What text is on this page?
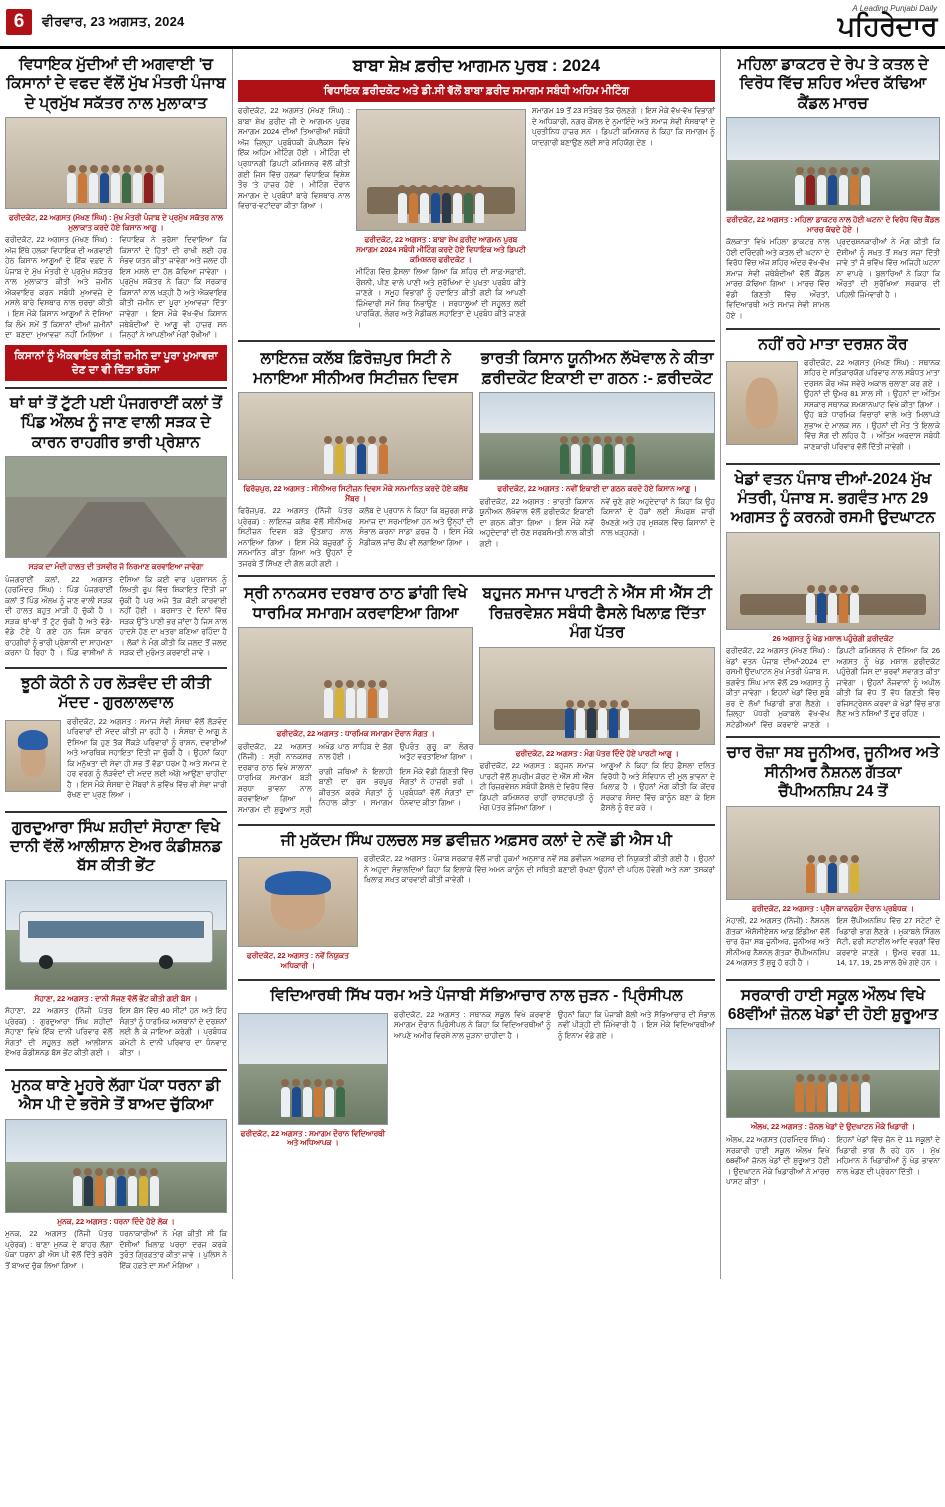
6	ਵੀਰਵਾਰ, 23 ਅਗਸਤ, 2024
A Leading Punjabi Daily
ਪਹਿਰੇਦਾਰ
ਵਿਧਾਇਕ ਮੁੱਦੀਆਂ ਦੀ ਅਗਵਾਈ 'ਚ ਕਿਸਾਨਾਂ ਦੇ ਵਫਦ ਵੱਲੋਂ ਮੁੱਖ ਮੰਤਰੀ ਪੰਜਾਬ ਦੇ ਪ੍ਰਮੁੱਖ ਸਕੱਤਰ ਨਾਲ ਮੁਲਾਕਾਤ
ਫਰੀਦਕੋਟ, 22 ਅਗਸਤ (ਮੱਖਣ ਸਿੰਘ) : ਮੁੱਖ ਮੰਤਰੀ ਪੰਜਾਬ ਦੇ ਪ੍ਰਮੁੱਖ ਸਕੱਤਰ ਨਾਲ ਮੁਲਾਕਾਤ ਕਰਦੇ ਹੋਏ ਕਿਸਾਨ ਆਗੂ ।

ਫਰੀਦਕੋਟ, 22 ਅਗਸਤ (ਮੱਖਣ ਸਿੰਘ) : ਅੱਜ ਇੱਥੇ ਹਲਕਾ ਵਿਧਾਇਕ ਦੀ ਅਗਵਾਈ ਹੇਠ ਕਿਸਾਨ ਆਗੂਆਂ ਦੇ ਇੱਕ ਵਫ਼ਦ ਨੇ ਪੰਜਾਬ ਦੇ ਮੁੱਖ ਮੰਤਰੀ ਦੇ ਪ੍ਰਮੁੱਖ ਸਕੱਤਰ ਨਾਲ ਮੁਲਾਕਾਤ ਕੀਤੀ ਅਤੇ ਜ਼ਮੀਨ ਐਕਵਾਇਰ ਕਰਨ ਸਬੰਧੀ ਮੁਆਵਜ਼ੇ ਦੇ ਮਸਲੇ ਬਾਰੇ ਵਿਸਥਾਰ ਨਾਲ ਚਰਚਾ ਕੀਤੀ । ਇਸ ਮੌਕੇ ਕਿਸਾਨ ਆਗੂਆਂ ਨੇ ਦੱਸਿਆ ਕਿ ਲੰਮੇ ਸਮੇਂ ਤੋਂ ਕਿਸਾਨਾਂ ਦੀਆਂ ਜ਼ਮੀਨਾਂ ਦਾ ਬਣਦਾ ਮੁਆਵਜ਼ਾ ਨਹੀਂ ਮਿਲਿਆ । ਵਿਧਾਇਕ ਨੇ ਭਰੋਸਾ ਦਿਵਾਇਆ ਕਿ ਕਿਸਾਨਾਂ ਦੇ ਹਿੱਤਾਂ ਦੀ ਰਾਖੀ ਲਈ ਹਰ ਸੰਭਵ ਯਤਨ ਕੀਤਾ ਜਾਵੇਗਾ ਅਤੇ ਜਲਦ ਹੀ ਇਸ ਮਸਲੇ ਦਾ ਹੱਲ ਕੱਢਿਆ ਜਾਵੇਗਾ । ਪ੍ਰਮੁੱਖ ਸਕੱਤਰ ਨੇ ਕਿਹਾ ਕਿ ਸਰਕਾਰ ਕਿਸਾਨਾਂ ਨਾਲ ਖੜ੍ਹੀ ਹੈ ਅਤੇ ਐਕਵਾਇਰ ਕੀਤੀ ਜ਼ਮੀਨ ਦਾ ਪੂਰਾ ਮੁਆਵਜ਼ਾ ਦਿੱਤਾ ਜਾਵੇਗਾ । ਇਸ ਮੌਕੇ ਵੱਖ-ਵੱਖ ਕਿਸਾਨ ਜਥੇਬੰਦੀਆਂ ਦੇ ਆਗੂ ਵੀ ਹਾਜ਼ਰ ਸਨ ਜਿਨ੍ਹਾਂ ਨੇ ਆਪਣੀਆਂ ਮੰਗਾਂ ਰੱਖੀਆਂ ।

ਕਿਸਾਨਾਂ ਨੂੰ ਐਕਵਾਇਰ ਕੀਤੀ ਜ਼ਮੀਨ ਦਾ ਪੂਰਾ ਮੁਆਵਜ਼ਾ ਦੇਣ ਦਾ ਵੀ ਦਿੱਤਾ ਭਰੋਸਾ
ਥਾਂ ਥਾਂ ਤੋਂ ਟੁੱਟੀ ਪਈ ਪੰਜਗਰਾਈਂ ਕਲਾਂ ਤੋਂ ਪਿੰਡ ਔਲਖ ਨੂੰ ਜਾਣ ਵਾਲੀ ਸੜਕ ਦੇ ਕਾਰਨ ਰਾਹਗੀਰ ਭਾਰੀ ਪ੍ਰੇਸ਼ਾਨ
ਸੜਕ ਦਾ ਮੰਦੀ ਹਾਲਤ ਦੀ ਤਸਵੀਰ ਜੋ ਨਿਰਮਾਣ ਕਰਵਾਇਆ ਜਾਵੇਗਾ

ਪੰਜਗਰਾਈਂ ਕਲਾਂ, 22 ਅਗਸਤ (ਹਰਮਿੰਦਰ ਸਿੰਘ) : ਪਿੰਡ ਪੰਜਗਰਾਈਂ ਕਲਾਂ ਤੋਂ ਪਿੰਡ ਔਲਖ ਨੂੰ ਜਾਣ ਵਾਲੀ ਸੜਕ ਦੀ ਹਾਲਤ ਬਹੁਤ ਮਾੜੀ ਹੋ ਚੁੱਕੀ ਹੈ । ਸੜਕ ਥਾਂ-ਥਾਂ ਤੋਂ ਟੁੱਟ ਚੁੱਕੀ ਹੈ ਅਤੇ ਵੱਡੇ-ਵੱਡੇ ਟੋਏ ਪੈ ਗਏ ਹਨ ਜਿਸ ਕਾਰਨ ਰਾਹਗੀਰਾਂ ਨੂੰ ਭਾਰੀ ਪ੍ਰੇਸ਼ਾਨੀ ਦਾ ਸਾਹਮਣਾ ਕਰਨਾ ਪੈ ਰਿਹਾ ਹੈ । ਪਿੰਡ ਵਾਸੀਆਂ ਨੇ ਦੱਸਿਆ ਕਿ ਕਈ ਵਾਰ ਪ੍ਰਸ਼ਾਸਨ ਨੂੰ ਲਿਖਤੀ ਰੂਪ ਵਿੱਚ ਸ਼ਿਕਾਇਤ ਦਿੱਤੀ ਜਾ ਚੁੱਕੀ ਹੈ ਪਰ ਅਜੇ ਤੱਕ ਕੋਈ ਕਾਰਵਾਈ ਨਹੀਂ ਹੋਈ । ਬਰਸਾਤ ਦੇ ਦਿਨਾਂ ਵਿੱਚ ਸੜਕ ਉੱਤੇ ਪਾਣੀ ਭਰ ਜਾਂਦਾ ਹੈ ਜਿਸ ਨਾਲ ਹਾਦਸੇ ਹੋਣ ਦਾ ਖ਼ਤਰਾ ਬਣਿਆ ਰਹਿੰਦਾ ਹੈ । ਲੋਕਾਂ ਨੇ ਮੰਗ ਕੀਤੀ ਕਿ ਜਲਦ ਤੋਂ ਜਲਦ ਸੜਕ ਦੀ ਮੁਰੰਮਤ ਕਰਵਾਈ ਜਾਵੇ ।

ਝੂਠੀ ਕੋਠੀ ਨੇ ਹਰ ਲੋੜਵੰਦ ਦੀ ਕੀਤੀ ਮੱਦਦ - ਗੁਰਲਾਲਵਾਲ

ਫਰੀਦਕੋਟ, 22 ਅਗਸਤ : ਸਮਾਜ ਸੇਵੀ ਸੰਸਥਾ ਵੱਲੋਂ ਲੋੜਵੰਦ ਪਰਿਵਾਰਾਂ ਦੀ ਮੱਦਦ ਕੀਤੀ ਜਾ ਰਹੀ ਹੈ । ਸੰਸਥਾ ਦੇ ਆਗੂ ਨੇ ਦੱਸਿਆ ਕਿ ਹੁਣ ਤੱਕ ਸੈਂਕੜੇ ਪਰਿਵਾਰਾਂ ਨੂੰ ਰਾਸ਼ਨ, ਦਵਾਈਆਂ ਅਤੇ ਆਰਥਿਕ ਸਹਾਇਤਾ ਦਿੱਤੀ ਜਾ ਚੁੱਕੀ ਹੈ । ਉਹਨਾਂ ਕਿਹਾ ਕਿ ਮਨੁੱਖਤਾ ਦੀ ਸੇਵਾ ਹੀ ਸਭ ਤੋਂ ਵੱਡਾ ਧਰਮ ਹੈ ਅਤੇ ਸਮਾਜ ਦੇ ਹਰ ਵਰਗ ਨੂੰ ਲੋੜਵੰਦਾਂ ਦੀ ਮਦਦ ਲਈ ਅੱਗੇ ਆਉਣਾ ਚਾਹੀਦਾ ਹੈ । ਇਸ ਮੌਕੇ ਸੰਸਥਾ ਦੇ ਮੈਂਬਰਾਂ ਨੇ ਭਵਿੱਖ ਵਿੱਚ ਵੀ ਸੇਵਾ ਜਾਰੀ ਰੱਖਣ ਦਾ ਪ੍ਰਣ ਲਿਆ ।

ਗੁਰਦੁਆਰਾ ਸਿੰਘ ਸ਼ਹੀਦਾਂ ਸੋਹਾਣਾ ਵਿਖੇ ਦਾਨੀ ਵੱਲੋਂ ਆਲੀਸ਼ਾਨ ਏਅਰ ਕੰਡੀਸ਼ਨਡ ਬੱਸ ਕੀਤੀ ਭੇਂਟ
ਸੋਹਾਣਾ, 22 ਅਗਸਤ : ਦਾਨੀ ਸੱਜਣ ਵੱਲੋਂ ਭੇਂਟ ਕੀਤੀ ਗਈ ਬੱਸ ।

ਸੋਹਾਣਾ, 22 ਅਗਸਤ (ਨਿੱਜੀ ਪੱਤਰ ਪ੍ਰੇਰਕ) : ਗੁਰਦੁਆਰਾ ਸਿੰਘ ਸ਼ਹੀਦਾਂ ਸੋਹਾਣਾ ਵਿਖੇ ਇੱਕ ਦਾਨੀ ਪਰਿਵਾਰ ਵੱਲੋਂ ਸੰਗਤਾਂ ਦੀ ਸਹੂਲਤ ਲਈ ਆਲੀਸ਼ਾਨ ਏਅਰ ਕੰਡੀਸ਼ਨਡ ਬੱਸ ਭੇਂਟ ਕੀਤੀ ਗਈ ।

ਇਸ ਬੱਸ ਵਿੱਚ 40 ਸੀਟਾਂ ਹਨ ਅਤੇ ਇਹ ਸੰਗਤਾਂ ਨੂੰ ਧਾਰਮਿਕ ਅਸਥਾਨਾਂ ਦੇ ਦਰਸ਼ਨਾਂ ਲਈ ਲੈ ਕੇ ਜਾਇਆ ਕਰੇਗੀ । ਪ੍ਰਬੰਧਕ ਕਮੇਟੀ ਨੇ ਦਾਨੀ ਪਰਿਵਾਰ ਦਾ ਧੰਨਵਾਦ ਕੀਤਾ ।

ਮੁਨਕ ਥਾਣੇ ਮੂਹਰੇ ਲੱਗਾ ਪੱਕਾ ਧਰਨਾ ਡੀ ਐਸ ਪੀ ਦੇ ਭਰੋਸੇ ਤੋਂ ਬਾਅਦ ਚੁੱਕਿਆ
ਮੁਨਕ, 22 ਅਗਸਤ : ਧਰਨਾ ਦਿੰਦੇ ਹੋਏ ਲੋਕ ।

ਮੁਨਕ, 22 ਅਗਸਤ (ਨਿੱਜੀ ਪੱਤਰ ਪ੍ਰੇਰਕ) : ਥਾਣਾ ਮੁਨਕ ਦੇ ਬਾਹਰ ਲੱਗਾ ਪੱਕਾ ਧਰਨਾ ਡੀ ਐਸ ਪੀ ਵੱਲੋਂ ਦਿੱਤੇ ਭਰੋਸੇ ਤੋਂ ਬਾਅਦ ਚੁੱਕ ਲਿਆ ਗਿਆ ।

ਧਰਨਾਕਾਰੀਆਂ ਨੇ ਮੰਗ ਕੀਤੀ ਸੀ ਕਿ ਦੋਸ਼ੀਆਂ ਖ਼ਿਲਾਫ਼ ਪਰਚਾ ਦਰਜ ਕਰਕੇ ਤੁਰੰਤ ਗ੍ਰਿਫ਼ਤਾਰ ਕੀਤਾ ਜਾਵੇ । ਪੁਲਿਸ ਨੇ ਇੱਕ ਹਫ਼ਤੇ ਦਾ ਸਮਾਂ ਮੰਗਿਆ ।

ਬਾਬਾ ਸ਼ੇਖ਼ ਫ਼ਰੀਦ ਆਗਮਨ ਪੁਰਬ : 2024
ਵਿਧਾਇਕ ਫ਼ਰੀਦਕੋਟ ਅਤੇ ਡੀ.ਸੀ ਵੱਲੋਂ ਬਾਬਾ ਫ਼ਰੀਦ ਸਮਾਗਮ ਸਬੰਧੀ ਅਹਿਮ ਮੀਟਿੰਗ

ਫਰੀਦਕੋਟ, 22 ਅਗਸਤ (ਮੱਖਣ ਸਿੰਘ) : ਬਾਬਾ ਸ਼ੇਖ਼ ਫ਼ਰੀਦ ਜੀ ਦੇ ਆਗਮਨ ਪੁਰਬ ਸਮਾਗਮ 2024 ਦੀਆਂ ਤਿਆਰੀਆਂ ਸਬੰਧੀ ਅੱਜ ਜ਼ਿਲ੍ਹਾ ਪ੍ਰਬੰਧਕੀ ਕੰਪਲੈਕਸ ਵਿਖੇ ਇੱਕ ਅਹਿਮ ਮੀਟਿੰਗ ਹੋਈ । ਮੀਟਿੰਗ ਦੀ ਪ੍ਰਧਾਨਗੀ ਡਿਪਟੀ ਕਮਿਸ਼ਨਰ ਵੱਲੋਂ ਕੀਤੀ ਗਈ ਜਿਸ ਵਿੱਚ ਹਲਕਾ ਵਿਧਾਇਕ ਵਿਸ਼ੇਸ਼ ਤੌਰ 'ਤੇ ਹਾਜ਼ਰ ਹੋਏ । ਮੀਟਿੰਗ ਦੌਰਾਨ ਸਮਾਗਮ ਦੇ ਪ੍ਰਬੰਧਾਂ ਬਾਰੇ ਵਿਸਥਾਰ ਨਾਲ ਵਿਚਾਰ-ਵਟਾਂਦਰਾ ਕੀਤਾ ਗਿਆ ।

ਫਰੀਦਕੋਟ, 22 ਅਗਸਤ : ਬਾਬਾ ਸ਼ੇਖ ਫ਼ਰੀਦ ਆਗਮਨ ਪੁਰਬ ਸਮਾਗਮ 2024 ਸਬੰਧੀ ਮੀਟਿੰਗ ਕਰਦੇ ਹੋਏ ਵਿਧਾਇਕ ਅਤੇ ਡਿਪਟੀ ਕਮਿਸ਼ਨਰ ਫਰੀਦਕੋਟ ।

ਮੀਟਿੰਗ ਵਿੱਚ ਫ਼ੈਸਲਾ ਲਿਆ ਗਿਆ ਕਿ ਸ਼ਹਿਰ ਦੀ ਸਾਫ਼-ਸਫ਼ਾਈ, ਰੌਸ਼ਨੀ, ਪੀਣ ਵਾਲੇ ਪਾਣੀ ਅਤੇ ਸੁਰੱਖਿਆ ਦੇ ਪੁਖ਼ਤਾ ਪ੍ਰਬੰਧ ਕੀਤੇ ਜਾਣਗੇ । ਸਮੂਹ ਵਿਭਾਗਾਂ ਨੂੰ ਹਦਾਇਤ ਕੀਤੀ ਗਈ ਕਿ ਆਪਣੀ ਜ਼ਿੰਮੇਵਾਰੀ ਸਮੇਂ ਸਿਰ ਨਿਭਾਉਣ । ਸ਼ਰਧਾਲੂਆਂ ਦੀ ਸਹੂਲਤ ਲਈ ਪਾਰਕਿੰਗ, ਲੰਗਰ ਅਤੇ ਮੈਡੀਕਲ ਸਹਾਇਤਾ ਦੇ ਪ੍ਰਬੰਧ ਕੀਤੇ ਜਾਣਗੇ ।

ਸਮਾਗਮ 19 ਤੋਂ 23 ਸਤੰਬਰ ਤੱਕ ਚੱਲਣਗੇ । ਇਸ ਮੌਕੇ ਵੱਖ-ਵੱਖ ਵਿਭਾਗਾਂ ਦੇ ਅਧਿਕਾਰੀ, ਨਗਰ ਕੌਂਸਲ ਦੇ ਨੁਮਾਇੰਦੇ ਅਤੇ ਸਮਾਜ ਸੇਵੀ ਸੰਸਥਾਵਾਂ ਦੇ ਪ੍ਰਤੀਨਿਧ ਹਾਜ਼ਰ ਸਨ । ਡਿਪਟੀ ਕਮਿਸ਼ਨਰ ਨੇ ਕਿਹਾ ਕਿ ਸਮਾਗਮ ਨੂੰ ਯਾਦਗਾਰੀ ਬਣਾਉਣ ਲਈ ਸਾਰੇ ਸਹਿਯੋਗ ਦੇਣ ।

ਲਾਇਨਜ਼ ਕਲੱਬ ਫ਼ਿਰੋਜ਼ਪੁਰ ਸਿਟੀ ਨੇ ਮਨਾਇਆ ਸੀਨੀਅਰ ਸਿਟੀਜ਼ਨ ਦਿਵਸ
ਫਿਰੋਜ਼ਪੁਰ, 22 ਅਗਸਤ : ਸੀਨੀਅਰ ਸਿਟੀਜ਼ਨ ਦਿਵਸ ਮੌਕੇ ਸਨਮਾਨਿਤ ਕਰਦੇ ਹੋਏ ਕਲੱਬ ਮੈਂਬਰ ।

ਫਿਰੋਜ਼ਪੁਰ, 22 ਅਗਸਤ (ਨਿੱਜੀ ਪੱਤਰ ਪ੍ਰੇਰਕ) : ਲਾਇਨਜ਼ ਕਲੱਬ ਵੱਲੋਂ ਸੀਨੀਅਰ ਸਿਟੀਜ਼ਨ ਦਿਵਸ ਬੜੇ ਉਤਸ਼ਾਹ ਨਾਲ ਮਨਾਇਆ ਗਿਆ । ਇਸ ਮੌਕੇ ਬਜ਼ੁਰਗਾਂ ਨੂੰ ਸਨਮਾਨਿਤ ਕੀਤਾ ਗਿਆ ਅਤੇ ਉਹਨਾਂ ਦੇ ਤਜਰਬੇ ਤੋਂ ਸਿੱਖਣ ਦੀ ਗੱਲ ਕਹੀ ਗਈ ।

ਕਲੱਬ ਦੇ ਪ੍ਰਧਾਨ ਨੇ ਕਿਹਾ ਕਿ ਬਜ਼ੁਰਗ ਸਾਡੇ ਸਮਾਜ ਦਾ ਸਰਮਾਇਆ ਹਨ ਅਤੇ ਉਨ੍ਹਾਂ ਦੀ ਸੰਭਾਲ ਕਰਨਾ ਸਾਡਾ ਫ਼ਰਜ਼ ਹੈ । ਇਸ ਮੌਕੇ ਮੈਡੀਕਲ ਜਾਂਚ ਕੈਂਪ ਵੀ ਲਗਾਇਆ ਗਿਆ ।

ਭਾਰਤੀ ਕਿਸਾਨ ਯੂਨੀਅਨ ਲੱਖੋਵਾਲ ਨੇ ਕੀਤਾ ਫ਼ਰੀਦਕੋਟ ਇਕਾਈ ਦਾ ਗਠਨ :- ਫ਼ਰੀਦਕੋਟ
ਫਰੀਦਕੋਟ, 22 ਅਗਸਤ : ਨਵੀਂ ਇਕਾਈ ਦਾ ਗਠਨ ਕਰਦੇ ਹੋਏ ਕਿਸਾਨ ਆਗੂ ।

ਫਰੀਦਕੋਟ, 22 ਅਗਸਤ : ਭਾਰਤੀ ਕਿਸਾਨ ਯੂਨੀਅਨ ਲੱਖੋਵਾਲ ਵੱਲੋਂ ਫ਼ਰੀਦਕੋਟ ਇਕਾਈ ਦਾ ਗਠਨ ਕੀਤਾ ਗਿਆ । ਇਸ ਮੌਕੇ ਨਵੇਂ ਅਹੁਦੇਦਾਰਾਂ ਦੀ ਚੋਣ ਸਰਬਸੰਮਤੀ ਨਾਲ ਕੀਤੀ ਗਈ ।

ਨਵੇਂ ਚੁਣੇ ਗਏ ਅਹੁਦੇਦਾਰਾਂ ਨੇ ਕਿਹਾ ਕਿ ਉਹ ਕਿਸਾਨਾਂ ਦੇ ਹੱਕਾਂ ਲਈ ਸੰਘਰਸ਼ ਜਾਰੀ ਰੱਖਣਗੇ ਅਤੇ ਹਰ ਮੁਸ਼ਕਲ ਵਿੱਚ ਕਿਸਾਨਾਂ ਦੇ ਨਾਲ ਖੜ੍ਹਨਗੇ ।

ਸ੍ਰੀ ਨਾਨਕਸਰ ਦਰਬਾਰ ਠਾਠ ਡਾਂਗੀ ਵਿਖੇ ਧਾਰਮਿਕ ਸਮਾਗਮ ਕਰਵਾਇਆ ਗਿਆ
ਫਰੀਦਕੋਟ, 22 ਅਗਸਤ : ਧਾਰਮਿਕ ਸਮਾਗਮ ਦੌਰਾਨ ਸੰਗਤ ।

ਫਰੀਦਕੋਟ, 22 ਅਗਸਤ (ਨਿੱਜੀ) : ਸ੍ਰੀ ਨਾਨਕਸਰ ਦਰਬਾਰ ਠਾਠ ਵਿਖੇ ਸਾਲਾਨਾ ਧਾਰਮਿਕ ਸਮਾਗਮ ਬੜੀ ਸ਼ਰਧਾ ਭਾਵਨਾ ਨਾਲ ਕਰਵਾਇਆ ਗਿਆ । ਸਮਾਗਮ ਦੀ ਸ਼ੁਰੂਆਤ ਸ੍ਰੀ ਅਖੰਡ ਪਾਠ ਸਾਹਿਬ ਦੇ ਭੋਗ ਨਾਲ ਹੋਈ ।

ਰਾਗੀ ਜਥਿਆਂ ਨੇ ਇਲਾਹੀ ਬਾਣੀ ਦਾ ਰਸ ਭਰਪੂਰ ਕੀਰਤਨ ਕਰਕੇ ਸੰਗਤਾਂ ਨੂੰ ਨਿਹਾਲ ਕੀਤਾ । ਸਮਾਗਮ ਉਪਰੰਤ ਗੁਰੂ ਕਾ ਲੰਗਰ ਅਤੁੱਟ ਵਰਤਾਇਆ ਗਿਆ ।

ਇਸ ਮੌਕੇ ਵੱਡੀ ਗਿਣਤੀ ਵਿੱਚ ਸੰਗਤਾਂ ਨੇ ਹਾਜ਼ਰੀ ਭਰੀ । ਪ੍ਰਬੰਧਕਾਂ ਵੱਲੋਂ ਸੰਗਤਾਂ ਦਾ ਧੰਨਵਾਦ ਕੀਤਾ ਗਿਆ ।

ਬਹੁਜਨ ਸਮਾਜ ਪਾਰਟੀ ਨੇ ਐੱਸ ਸੀ ਐੱਸ ਟੀ ਰਿਜ਼ਰਵੇਸ਼ਨ ਸਬੰਧੀ ਫੈਸਲੇ ਖਿਲਾਫ਼ ਦਿੱਤਾ ਮੰਗ ਪੱਤਰ
ਫਰੀਦਕੋਟ, 22 ਅਗਸਤ : ਮੰਗ ਪੱਤਰ ਦਿੰਦੇ ਹੋਏ ਪਾਰਟੀ ਆਗੂ ।

ਫਰੀਦਕੋਟ, 22 ਅਗਸਤ : ਬਹੁਜਨ ਸਮਾਜ ਪਾਰਟੀ ਵੱਲੋਂ ਸੁਪਰੀਮ ਕੋਰਟ ਦੇ ਐੱਸ ਸੀ ਐੱਸ ਟੀ ਰਿਜ਼ਰਵੇਸ਼ਨ ਸਬੰਧੀ ਫ਼ੈਸਲੇ ਦੇ ਵਿਰੋਧ ਵਿੱਚ ਡਿਪਟੀ ਕਮਿਸ਼ਨਰ ਰਾਹੀਂ ਰਾਸ਼ਟਰਪਤੀ ਨੂੰ ਮੰਗ ਪੱਤਰ ਭੇਜਿਆ ਗਿਆ ।

ਆਗੂਆਂ ਨੇ ਕਿਹਾ ਕਿ ਇਹ ਫ਼ੈਸਲਾ ਦਲਿਤ ਵਿਰੋਧੀ ਹੈ ਅਤੇ ਸੰਵਿਧਾਨ ਦੀ ਮੂਲ ਭਾਵਨਾ ਦੇ ਖ਼ਿਲਾਫ਼ ਹੈ । ਉਹਨਾਂ ਮੰਗ ਕੀਤੀ ਕਿ ਕੇਂਦਰ ਸਰਕਾਰ ਸੰਸਦ ਵਿੱਚ ਕਾਨੂੰਨ ਬਣਾ ਕੇ ਇਸ ਫ਼ੈਸਲੇ ਨੂੰ ਰੱਦ ਕਰੇ ।

ਜੀ ਮੁਕੱਦਮ ਸਿੰਘ ਹਲਚਲ ਸਭ ਡਵੀਜ਼ਨ ਅਫ਼ਸਰ ਕਲਾਂ ਦੇ ਨਵੇਂ ਡੀ ਐਸ ਪੀ
ਫਰੀਦਕੋਟ, 22 ਅਗਸਤ : ਨਵੇਂ ਨਿਯੁਕਤ ਅਧਿਕਾਰੀ ।

ਫਰੀਦਕੋਟ, 22 ਅਗਸਤ : ਪੰਜਾਬ ਸਰਕਾਰ ਵੱਲੋਂ ਜਾਰੀ ਹੁਕਮਾਂ ਅਨੁਸਾਰ ਨਵੇਂ ਸਬ ਡਵੀਜ਼ਨ ਅਫ਼ਸਰ ਦੀ ਨਿਯੁਕਤੀ ਕੀਤੀ ਗਈ ਹੈ । ਉਹਨਾਂ ਨੇ ਅਹੁਦਾ ਸੰਭਾਲਦਿਆਂ ਕਿਹਾ ਕਿ ਇਲਾਕੇ ਵਿੱਚ ਅਮਨ ਕਾਨੂੰਨ ਦੀ ਸਥਿਤੀ ਬਣਾਈ ਰੱਖਣਾ ਉਹਨਾਂ ਦੀ ਪਹਿਲ ਹੋਵੇਗੀ ਅਤੇ ਨਸ਼ਾ ਤਸਕਰਾਂ ਖ਼ਿਲਾਫ਼ ਸਖ਼ਤ ਕਾਰਵਾਈ ਕੀਤੀ ਜਾਵੇਗੀ ।

ਵਿਦਿਆਰਥੀ ਸਿੱਖ ਧਰਮ ਅਤੇ ਪੰਜਾਬੀ ਸੱਭਿਆਚਾਰ ਨਾਲ ਜੁੜਨ - ਪ੍ਰਿੰਸੀਪਲ
ਫਰੀਦਕੋਟ, 22 ਅਗਸਤ : ਸਮਾਗਮ ਦੌਰਾਨ ਵਿਦਿਆਰਥੀ ਅਤੇ ਅਧਿਆਪਕ ।

ਫਰੀਦਕੋਟ, 22 ਅਗਸਤ : ਸਥਾਨਕ ਸਕੂਲ ਵਿਖੇ ਕਰਵਾਏ ਸਮਾਗਮ ਦੌਰਾਨ ਪ੍ਰਿੰਸੀਪਲ ਨੇ ਕਿਹਾ ਕਿ ਵਿਦਿਆਰਥੀਆਂ ਨੂੰ ਆਪਣੇ ਅਮੀਰ ਵਿਰਸੇ ਨਾਲ ਜੁੜਨਾ ਚਾਹੀਦਾ ਹੈ ।

ਉਹਨਾਂ ਕਿਹਾ ਕਿ ਪੰਜਾਬੀ ਬੋਲੀ ਅਤੇ ਸੱਭਿਆਚਾਰ ਦੀ ਸੰਭਾਲ ਨਵੀਂ ਪੀੜ੍ਹੀ ਦੀ ਜ਼ਿੰਮੇਵਾਰੀ ਹੈ । ਇਸ ਮੌਕੇ ਵਿਦਿਆਰਥੀਆਂ ਨੂੰ ਇਨਾਮ ਵੰਡੇ ਗਏ ।

ਮਹਿਲਾ ਡਾਕਟਰ ਦੇ ਰੇਪ ਤੇ ਕਤਲ ਦੇ ਵਿਰੋਧ ਵਿੱਚ ਸ਼ਹਿਰ ਅੰਦਰ ਕੱਢਿਆ ਕੈਂਡਲ ਮਾਰਚ
ਫਰੀਦਕੋਟ, 22 ਅਗਸਤ : ਮਹਿਲਾ ਡਾਕਟਰ ਨਾਲ ਹੋਈ ਘਟਨਾ ਦੇ ਵਿਰੋਧ ਵਿੱਚ ਕੈਂਡਲ ਮਾਰਚ ਕੱਢਦੇ ਹੋਏ ।

ਕੋਲਕਾਤਾ ਵਿਖੇ ਮਹਿਲਾ ਡਾਕਟਰ ਨਾਲ ਹੋਈ ਦਰਿੰਦਗੀ ਅਤੇ ਕਤਲ ਦੀ ਘਟਨਾ ਦੇ ਵਿਰੋਧ ਵਿੱਚ ਅੱਜ ਸ਼ਹਿਰ ਅੰਦਰ ਵੱਖ-ਵੱਖ ਸਮਾਜ ਸੇਵੀ ਜਥੇਬੰਦੀਆਂ ਵੱਲੋਂ ਕੈਂਡਲ ਮਾਰਚ ਕੱਢਿਆ ਗਿਆ । ਮਾਰਚ ਵਿੱਚ ਵੱਡੀ ਗਿਣਤੀ ਵਿੱਚ ਔਰਤਾਂ, ਵਿਦਿਆਰਥੀ ਅਤੇ ਸਮਾਜ ਸੇਵੀ ਸ਼ਾਮਲ ਹੋਏ ।

ਪ੍ਰਦਰਸ਼ਨਕਾਰੀਆਂ ਨੇ ਮੰਗ ਕੀਤੀ ਕਿ ਦੋਸ਼ੀਆਂ ਨੂੰ ਸਖ਼ਤ ਤੋਂ ਸਖ਼ਤ ਸਜ਼ਾ ਦਿੱਤੀ ਜਾਵੇ ਤਾਂ ਜੋ ਭਵਿੱਖ ਵਿੱਚ ਅਜਿਹੀ ਘਟਨਾ ਨਾ ਵਾਪਰੇ । ਬੁਲਾਰਿਆਂ ਨੇ ਕਿਹਾ ਕਿ ਔਰਤਾਂ ਦੀ ਸੁਰੱਖਿਆ ਸਰਕਾਰ ਦੀ ਪਹਿਲੀ ਜ਼ਿੰਮੇਵਾਰੀ ਹੈ ।

ਨਹੀਂ ਰਹੇ ਮਾਤਾ ਦਰਸ਼ਨ ਕੌਰ

ਫਰੀਦਕੋਟ, 22 ਅਗਸਤ (ਮੱਖਣ ਸਿੰਘ) : ਸਥਾਨਕ ਸ਼ਹਿਰ ਦੇ ਸਤਿਕਾਰਯੋਗ ਪਰਿਵਾਰ ਨਾਲ ਸਬੰਧਤ ਮਾਤਾ ਦਰਸ਼ਨ ਕੌਰ ਅੱਜ ਸਵੇਰੇ ਅਕਾਲ ਚਲਾਣਾ ਕਰ ਗਏ । ਉਹਨਾਂ ਦੀ ਉਮਰ 81 ਸਾਲ ਸੀ । ਉਹਨਾਂ ਦਾ ਅੰਤਿਮ ਸਸਕਾਰ ਸਥਾਨਕ ਸ਼ਮਸ਼ਾਨਘਾਟ ਵਿਖੇ ਕੀਤਾ ਗਿਆ । ਉਹ ਬੜੇ ਧਾਰਮਿਕ ਵਿਚਾਰਾਂ ਵਾਲੇ ਅਤੇ ਮਿਲਾਪੜੇ ਸੁਭਾਅ ਦੇ ਮਾਲਕ ਸਨ । ਉਹਨਾਂ ਦੀ ਮੌਤ 'ਤੇ ਇਲਾਕੇ ਵਿੱਚ ਸੋਗ ਦੀ ਲਹਿਰ ਹੈ । ਅੰਤਿਮ ਅਰਦਾਸ ਸਬੰਧੀ ਜਾਣਕਾਰੀ ਪਰਿਵਾਰ ਵੱਲੋਂ ਦਿੱਤੀ ਜਾਵੇਗੀ ।

ਖੇਡਾਂ ਵਤਨ ਪੰਜਾਬ ਦੀਆਂ-2024 ਮੁੱਖ ਮੰਤਰੀ, ਪੰਜਾਬ ਸ. ਭਗਵੰਤ ਮਾਨ 29 ਅਗਸਤ ਨੂੰ ਕਰਨਗੇ ਰਸਮੀ ਉਦਘਾਟਨ
26 ਅਗਸਤ ਨੂੰ ਖੇਡ ਮਸ਼ਾਲ ਪਹੁੰਚੇਗੀ ਫ਼ਰੀਦਕੋਟ

ਫਰੀਦਕੋਟ, 22 ਅਗਸਤ (ਮੱਖਣ ਸਿੰਘ) : ਖੇਡਾਂ ਵਤਨ ਪੰਜਾਬ ਦੀਆਂ-2024 ਦਾ ਰਸਮੀ ਉਦਘਾਟਨ ਮੁੱਖ ਮੰਤਰੀ ਪੰਜਾਬ ਸ. ਭਗਵੰਤ ਸਿੰਘ ਮਾਨ ਵੱਲੋਂ 29 ਅਗਸਤ ਨੂੰ ਕੀਤਾ ਜਾਵੇਗਾ । ਇਹਨਾਂ ਖੇਡਾਂ ਵਿੱਚ ਸੂਬੇ ਭਰ ਦੇ ਲੱਖਾਂ ਖਿਡਾਰੀ ਭਾਗ ਲੈਣਗੇ । ਜ਼ਿਲ੍ਹਾ ਪੱਧਰੀ ਮੁਕਾਬਲੇ ਵੱਖ-ਵੱਖ ਸਟੇਡੀਅਮਾਂ ਵਿੱਚ ਕਰਵਾਏ ਜਾਣਗੇ । ਡਿਪਟੀ ਕਮਿਸ਼ਨਰ ਨੇ ਦੱਸਿਆ ਕਿ 26 ਅਗਸਤ ਨੂੰ ਖੇਡ ਮਸ਼ਾਲ ਫ਼ਰੀਦਕੋਟ ਪਹੁੰਚੇਗੀ ਜਿਸ ਦਾ ਭਰਵਾਂ ਸਵਾਗਤ ਕੀਤਾ ਜਾਵੇਗਾ । ਉਹਨਾਂ ਨੌਜਵਾਨਾਂ ਨੂੰ ਅਪੀਲ ਕੀਤੀ ਕਿ ਵੱਧ ਤੋਂ ਵੱਧ ਗਿਣਤੀ ਵਿੱਚ ਰਜਿਸਟ੍ਰੇਸ਼ਨ ਕਰਵਾ ਕੇ ਖੇਡਾਂ ਵਿੱਚ ਭਾਗ ਲੈਣ ਅਤੇ ਨਸ਼ਿਆਂ ਤੋਂ ਦੂਰ ਰਹਿਣ ।

ਚਾਰ ਰੋਜ਼ਾ ਸਬ ਜੂਨੀਅਰ, ਜੂਨੀਅਰ ਅਤੇ ਸੀਨੀਅਰ ਨੈਸ਼ਨਲ ਗੱਤਕਾ ਚੈਂਪੀਅਨਸ਼ਿਪ 24 ਤੋਂ
ਫਰੀਦਕੋਟ, 22 ਅਗਸਤ : ਪ੍ਰੈਸ ਕਾਨਫਰੰਸ ਦੌਰਾਨ ਪ੍ਰਬੰਧਕ ।

ਮੋਹਾਲੀ, 22 ਅਗਸਤ (ਨਿੱਜੀ) : ਨੈਸ਼ਨਲ ਗੱਤਕਾ ਐਸੋਸੀਏਸ਼ਨ ਆਫ਼ ਇੰਡੀਆ ਵੱਲੋਂ ਚਾਰ ਰੋਜ਼ਾ ਸਬ ਜੂਨੀਅਰ, ਜੂਨੀਅਰ ਅਤੇ ਸੀਨੀਅਰ ਨੈਸ਼ਨਲ ਗੱਤਕਾ ਚੈਂਪੀਅਨਸ਼ਿਪ 24 ਅਗਸਤ ਤੋਂ ਸ਼ੁਰੂ ਹੋ ਰਹੀ ਹੈ ।

ਇਸ ਚੈਂਪੀਅਨਸ਼ਿਪ ਵਿੱਚ 27 ਸਟੇਟਾਂ ਦੇ ਖਿਡਾਰੀ ਭਾਗ ਲੈਣਗੇ । ਮੁਕਾਬਲੇ ਸਿੰਗਲ ਸੋਟੀ, ਫਰੀ ਸਟਾਈਲ ਆਦਿ ਵਰਗਾਂ ਵਿੱਚ ਕਰਵਾਏ ਜਾਣਗੇ । ਉਮਰ ਵਰਗ 11, 14, 17, 19, 25 ਸਾਲ ਰੱਖੇ ਗਏ ਹਨ ।

ਸਰਕਾਰੀ ਹਾਈ ਸਕੂਲ ਔਲਖ ਵਿਖੇ 68ਵੀਂਆਂ ਜ਼ੋਨਲ ਖੇਡਾਂ ਦੀ ਹੋਈ ਸ਼ੁਰੂਆਤ
ਔਲਖ, 22 ਅਗਸਤ : ਜ਼ੋਨਲ ਖੇਡਾਂ ਦੇ ਉਦਘਾਟਨ ਮੌਕੇ ਖਿਡਾਰੀ ।

ਔਲਖ, 22 ਅਗਸਤ (ਹਰਮਿੰਦਰ ਸਿੰਘ) : ਸਰਕਾਰੀ ਹਾਈ ਸਕੂਲ ਔਲਖ ਵਿਖੇ 68ਵੀਂਆਂ ਜ਼ੋਨਲ ਖੇਡਾਂ ਦੀ ਸ਼ੁਰੂਆਤ ਹੋਈ । ਉਦਘਾਟਨ ਮੌਕੇ ਖਿਡਾਰੀਆਂ ਨੇ ਮਾਰਚ ਪਾਸਟ ਕੀਤਾ ।

ਇਹਨਾਂ ਖੇਡਾਂ ਵਿੱਚ ਜ਼ੋਨ ਦੇ 11 ਸਕੂਲਾਂ ਦੇ ਖਿਡਾਰੀ ਭਾਗ ਲੈ ਰਹੇ ਹਨ । ਮੁੱਖ ਮਹਿਮਾਨ ਨੇ ਖਿਡਾਰੀਆਂ ਨੂੰ ਖੇਡ ਭਾਵਨਾ ਨਾਲ ਖੇਡਣ ਦੀ ਪ੍ਰੇਰਨਾ ਦਿੱਤੀ ।
